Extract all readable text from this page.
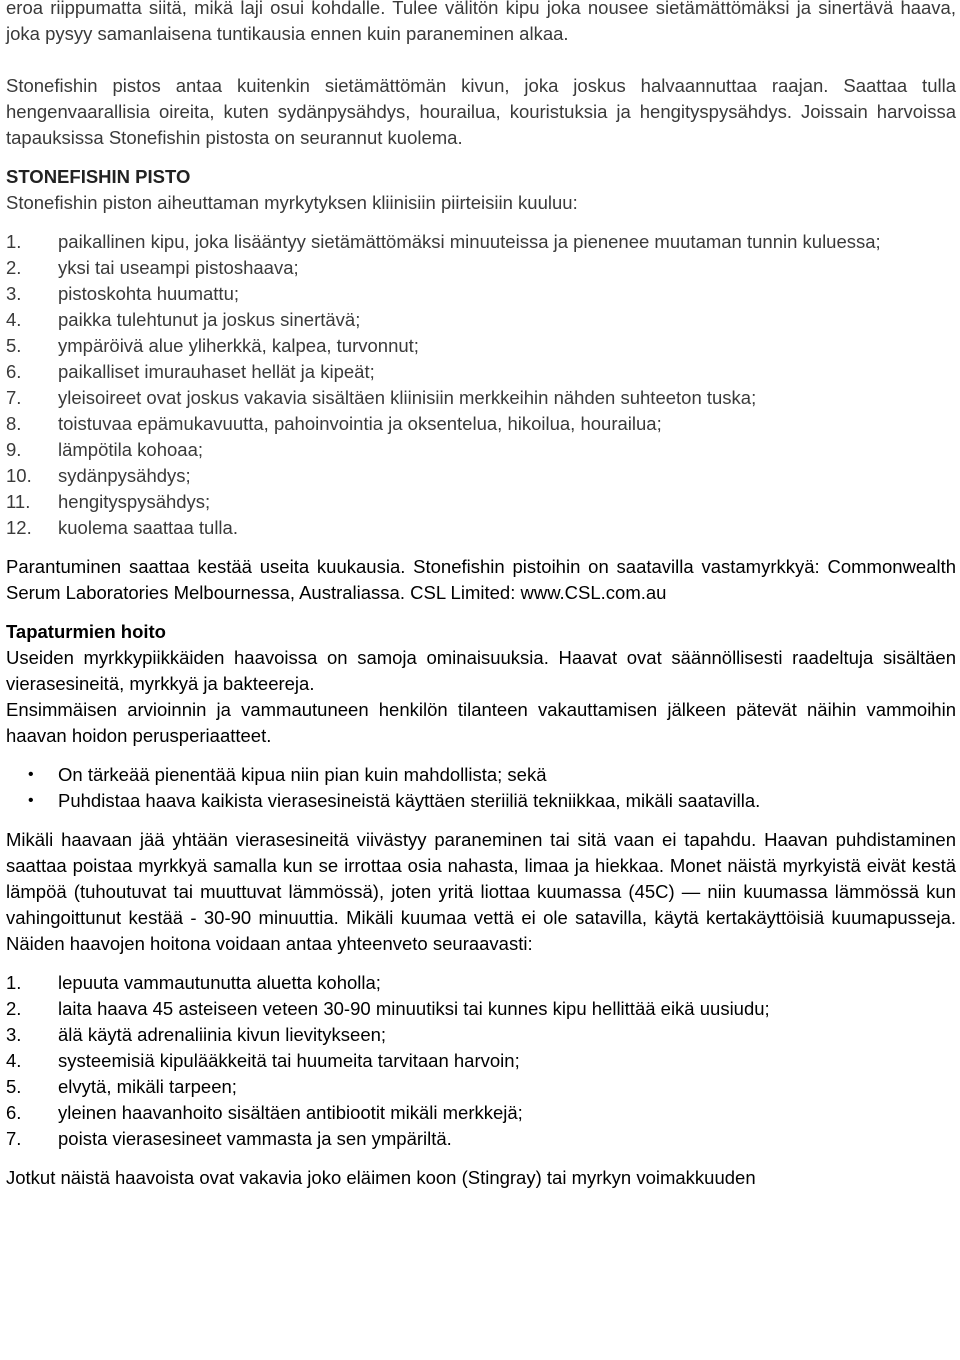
eroa riippumatta siitä, mikä laji osui kohdalle. Tulee välitön kipu joka nousee sietämättömäksi ja sinertävä haava, joka pysyy samanlaisena tuntikausia ennen kuin paraneminen alkaa.

Stonefishin pistos antaa kuitenkin sietämättömän kivun, joka joskus halvaannuttaa raajan. Saattaa tulla hengenvaarallisia oireita, kuten sydänpysähdys, hourailua, kouristuksia ja hengityspysähdys. Joissain harvoissa tapauksissa Stonefishin pistosta on seurannut kuolema.

STONEFISHIN PISTO

Stonefishin piston aiheuttaman myrkytyksen kliinisiin piirteisiin kuuluu:

1.	paikallinen kipu, joka lisääntyy sietämättömäksi minuuteissa ja pienenee muutaman tunnin kuluessa;
2.	yksi tai useampi pistoshaava;
3.	pistoskohta huumattu;
4.	paikka tulehtunut ja joskus sinertävä;
5.	ympäröivä alue yliherkkä, kalpea, turvonnut;
6.	paikalliset imurauhaset hellät ja kipeät;
7.	yleisoireet ovat joskus vakavia sisältäen kliinisiin merkkeihin nähden suhteeton tuska;
8.	toistuvaa epämukavuutta, pahoinvointia ja oksentelua, hikoilua, hourailua;
9.	lämpötila kohoaa;
10.	sydänpysähdys;
11.	hengityspysähdys;
12.	kuolema saattaa tulla.

Parantuminen saattaa kestää useita kuukausia. Stonefishin pistoihin on saatavilla vastamyrkkyä: Commonwealth Serum Laboratories Melbournessa, Australiassa. CSL Limited: www.CSL.com.au

Tapaturmien hoito

Useiden myrkkypiikkäiden haavoissa on samoja ominaisuuksia. Haavat ovat säännöllisesti raadeltuja sisältäen vierasesineitä, myrkkyä ja bakteereja.

Ensimmäisen arvioinnin ja vammautuneen henkilön tilanteen vakauttamisen jälkeen pätevät näihin vammoihin haavan hoidon perusperiaatteet.

•	On tärkeää pienentää kipua niin pian kuin mahdollista; sekä
•	Puhdistaa haava kaikista vierasesineistä käyttäen steriiliä tekniikkaa, mikäli saatavilla.

Mikäli haavaan jää yhtään vierasesineitä viivästyy paraneminen tai sitä vaan ei tapahdu. Haavan puhdistaminen saattaa poistaa myrkkyä samalla kun se irrottaa osia nahasta, limaa ja hiekkaa. Monet näistä myrkyistä eivät kestä lämpöä (tuhoutuvat tai muuttuvat lämmössä), joten yritä liottaa kuumassa (45C) — niin kuumassa lämmössä kun vahingoittunut kestää - 30-90 minuuttia. Mikäli kuumaa vettä ei ole satavilla, käytä kertakäyttöisiä kuumapusseja. Näiden haavojen hoitona voidaan antaa yhteenveto seuraavasti:

1.	lepuuta vammautunutta aluetta koholla;
2.	laita haava 45 asteiseen veteen 30-90 minuutiksi tai kunnes kipu hellittää eikä uusiudu;
3.	älä käytä adrenaliinia kivun lievitykseen;
4.	systeemisiä kipulääkkeitä tai huumeita tarvitaan harvoin;
5.	elvytä, mikäli tarpeen;
6.	yleinen haavanhoito sisältäen antibiootit mikäli merkkejä;
7.	poista vierasesineet vammasta ja sen ympäriltä.

Jotkut näistä haavoista ovat vakavia joko eläimen koon (Stingray) tai myrkyn voimakkuuden
